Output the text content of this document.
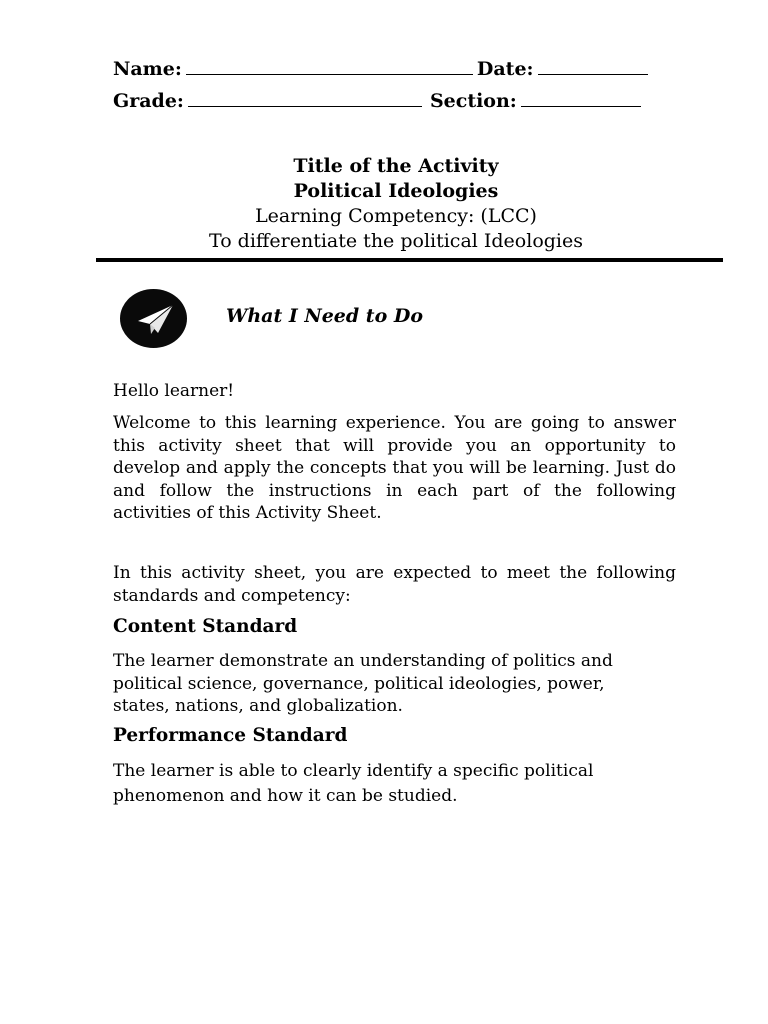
Name:	Date:
Grade:	Section:
Title of the Activity
Political Ideologies
Learning Competency: (LCC)
To differentiate the political Ideologies
What I Need to Do
Hello learner!
Welcome to this learning experience. You are going to answer this activity sheet that will provide you an opportunity to develop and apply the concepts that you will be learning. Just do and follow the instructions in each part of the following activities of this Activity Sheet.
In this activity sheet, you are expected to meet the following standards and competency:
Content Standard
The learner demonstrate an understanding of politics and political science, governance, political ideologies, power, states, nations, and globalization.
Performance Standard
The learner is able to clearly identify a specific political phenomenon and how it can be studied.
